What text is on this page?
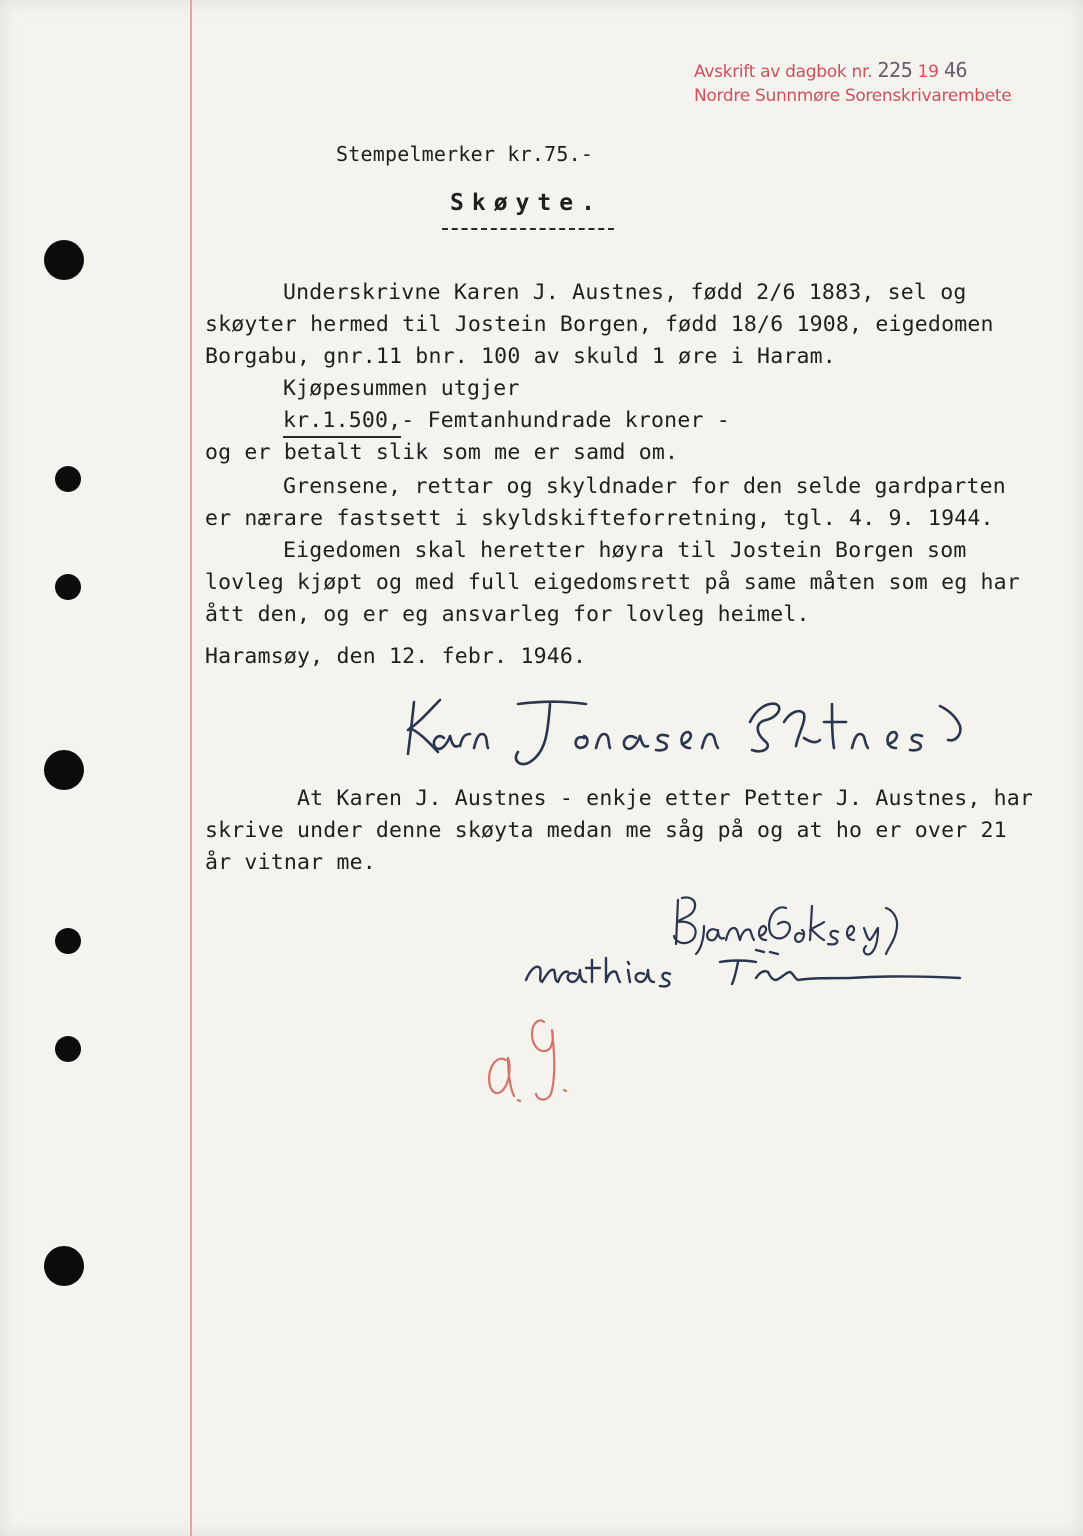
Avskrift av dagbok nr. 225 19 46
Nordre Sunnmøre Sorenskrivarembete
Stempelmerker kr.75.-
Skøyte.
Underskrivne Karen J. Austnes, fødd 2/6 1883, sel og
skøyter hermed til Jostein Borgen, fødd 18/6 1908, eigedomen
Borgabu, gnr.11 bnr. 100 av skuld 1 øre i Haram.
Kjøpesummen utgjer
kr.1.500,- Femtanhundrade kroner -
og er betalt slik som me er samd om.
Grensene, rettar og skyldnader for den selde gardparten
er nærare fastsett i skyldskifteforretning, tgl. 4. 9. 1944.
Eigedomen skal heretter høyra til Jostein Borgen som
lovleg kjøpt og med full eigedomsrett på same måten som eg har
ått den, og er eg ansvarleg for lovleg heimel.
Haramsøy, den 12. febr. 1946.
At Karen J. Austnes - enkje etter Petter J. Austnes, har
skrive under denne skøyta medan me såg på og at ho er over 21
år vitnar me.
